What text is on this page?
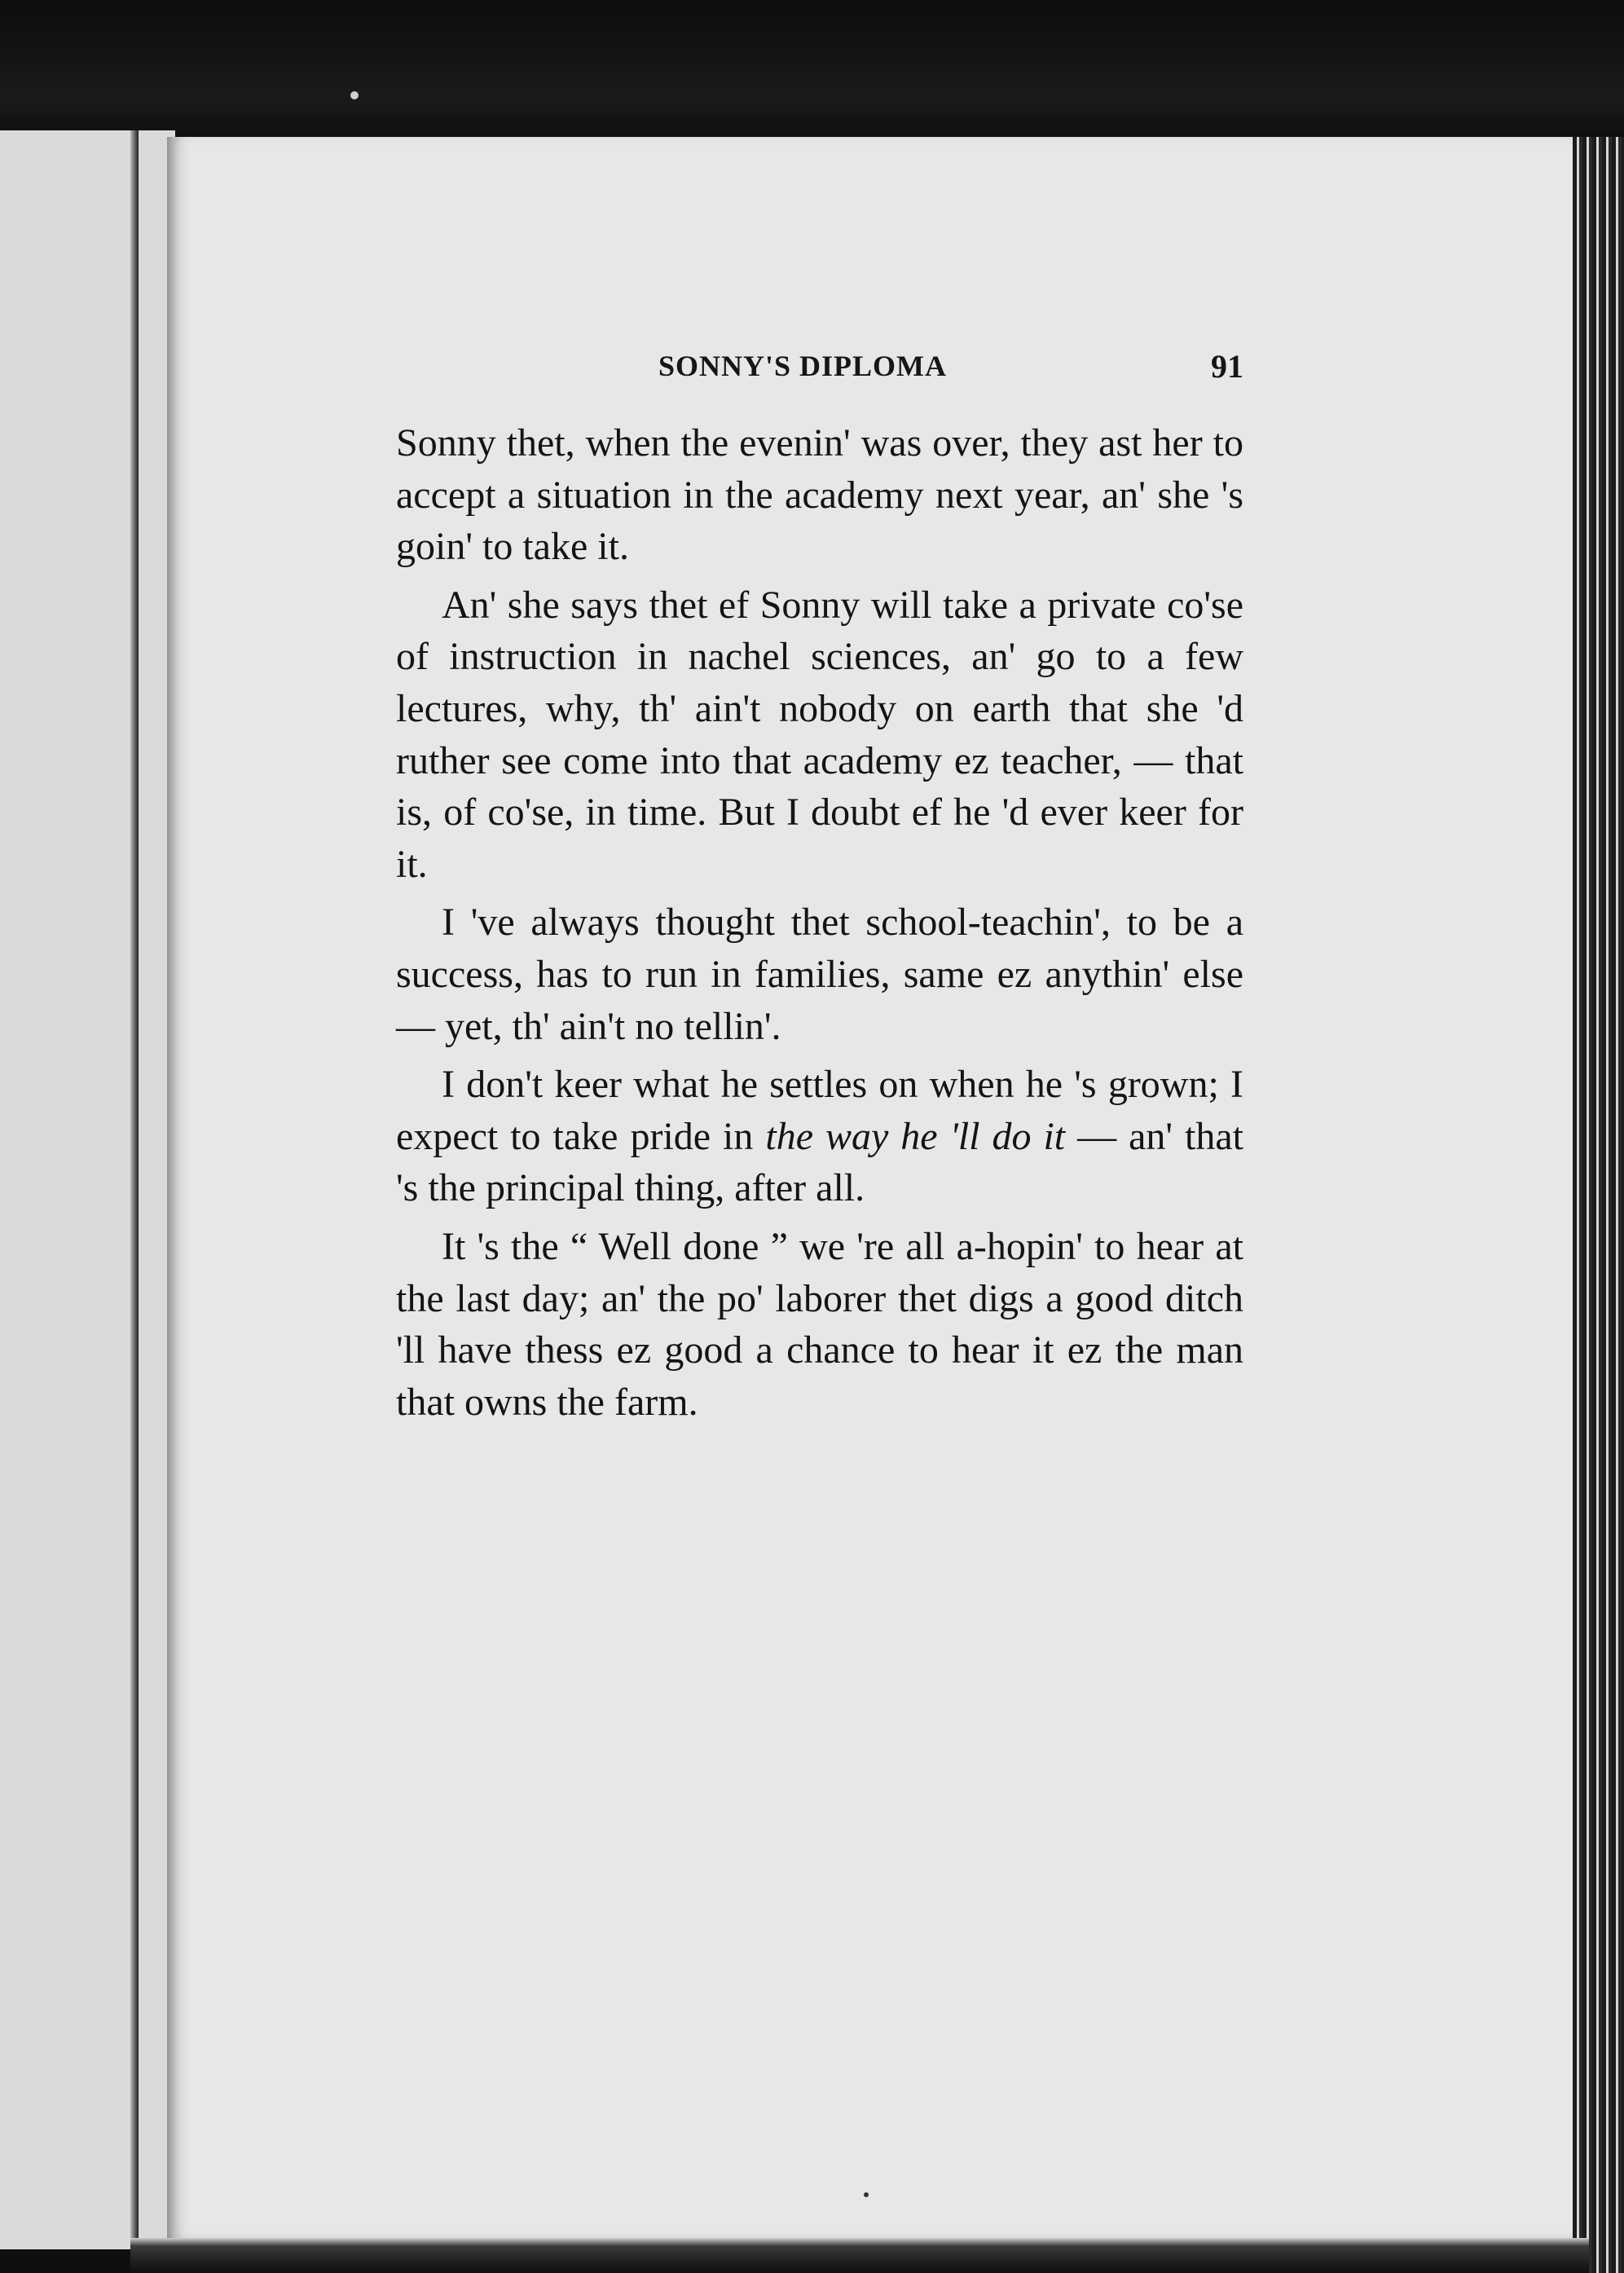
SONNY'S DIPLOMA	91

Sonny thet, when the evenin' was over, they ast her to accept a situation in the academy next year, an' she 's goin' to take it.

An' she says thet ef Sonny will take a private co'se of instruction in nachel sciences, an' go to a few lectures, why, th' ain't nobody on earth that she 'd ruther see come into that academy ez teacher, — that is, of co'se, in time. But I doubt ef he 'd ever keer for it.

I 've always thought thet school-teachin', to be a success, has to run in families, same ez anythin' else — yet, th' ain't no tellin'.

I don't keer what he settles on when he 's grown; I expect to take pride in the way he 'll do it — an' that 's the principal thing, after all.

It 's the “ Well done ” we 're all a-hopin' to hear at the last day; an' the po' laborer thet digs a good ditch 'll have thess ez good a chance to hear it ez the man that owns the farm.
